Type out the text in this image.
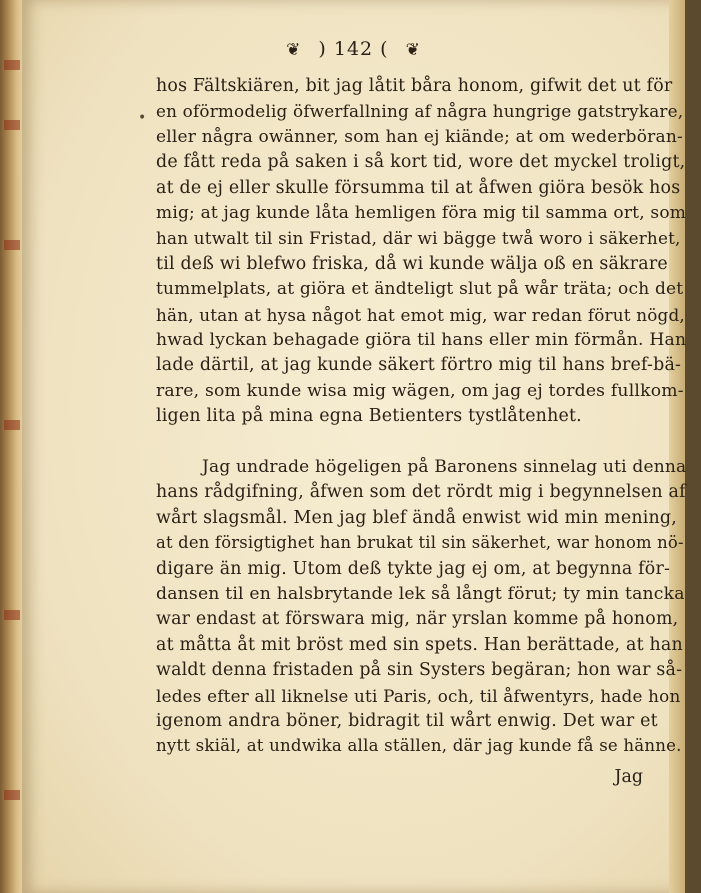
❦ ) 142 ( ❦
•
hos Fältskiären, bit jag låtit båra honom, gifwit det ut för
en oförmodelig öfwerfallning af några hungrige gatstrykare,
eller några owänner, som han ej kiände; at om wederböran-
de fått reda på saken i så kort tid, wore det myckel troligt,
at de ej eller skulle försumma til at åfwen giöra besök hos
mig; at jag kunde låta hemligen föra mig til samma ort, som
han utwalt til sin Fristad, där wi bägge twå woro i säkerhet,
til deß wi blefwo friska, då wi kunde wälja oß en säkrare
tummelplats, at giöra et ändteligt slut på wår träta; och det
hän, utan at hysa något hat emot mig, war redan förut nögd,
hwad lyckan behagade giöra til hans eller min förmån. Han
lade därtil, at jag kunde säkert förtro mig til hans bref-bä-
rare, som kunde wisa mig wägen, om jag ej tordes fullkom-
ligen lita på mina egna Betienters tystlåtenhet.
Jag undrade högeligen på Baronens sinnelag uti denna
hans rådgifning, åfwen som det rördt mig i begynnelsen af
wårt slagsmål. Men jag blef ändå enwist wid min mening,
at den försigtighet han brukat til sin säkerhet, war honom nö-
digare än mig. Utom deß tykte jag ej om, at begynna för-
dansen til en halsbrytande lek så långt förut; ty min tancka
war endast at förswara mig, när yrslan komme på honom,
at måtta åt mit bröst med sin spets. Han berättade, at han
waldt denna fristaden på sin Systers begäran; hon war så-
ledes efter all liknelse uti Paris, och, til åfwentyrs, hade hon
igenom andra böner, bidragit til wårt enwig. Det war et
nytt skiäl, at undwika alla ställen, där jag kunde få se hänne.
Jag
